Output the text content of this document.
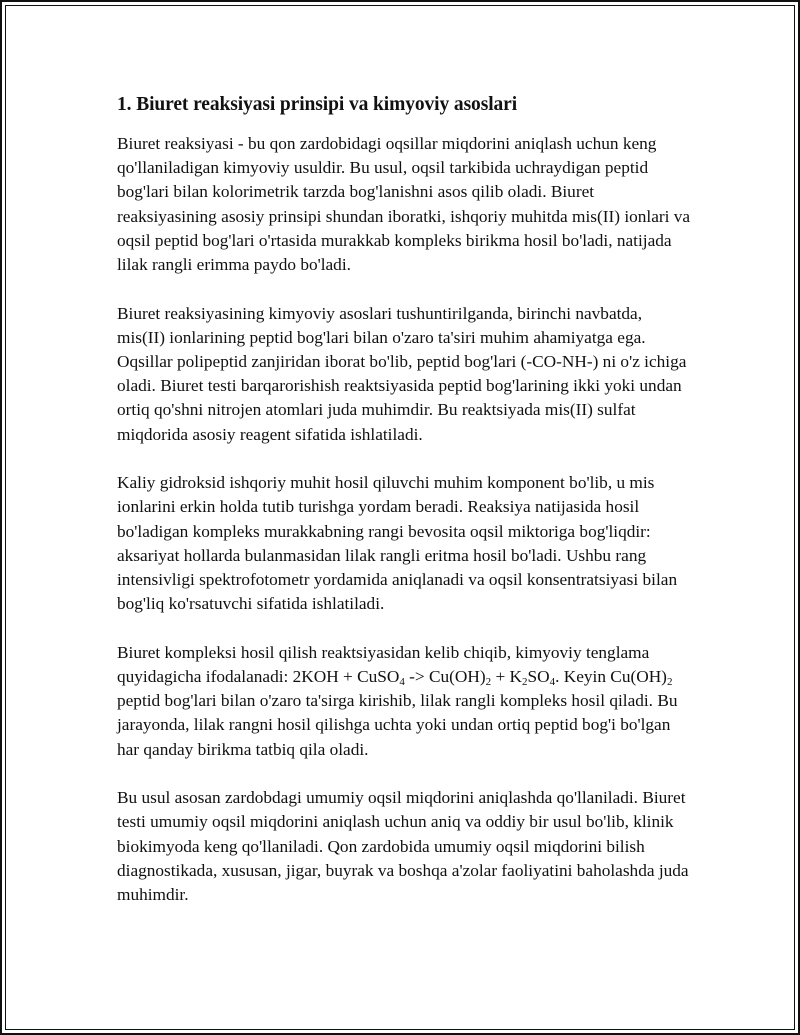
1. Biuret reaksiyasi prinsipi va kimyoviy asoslari

Biuret reaksiyasi - bu qon zardobidagi oqsillar miqdorini aniqlash uchun keng qo'llaniladigan kimyoviy usuldir. Bu usul, oqsil tarkibida uchraydigan peptid bog'lari bilan kolorimetrik tarzda bog'lanishni asos qilib oladi. Biuret reaksiyasining asosiy prinsipi shundan iboratki, ishqoriy muhitda mis(II) ionlari va oqsil peptid bog'lari o'rtasida murakkab kompleks birikma hosil bo'ladi, natijada lilak rangli erimma paydo bo'ladi.

Biuret reaksiyasining kimyoviy asoslari tushuntirilganda, birinchi navbatda, mis(II) ionlarining peptid bog'lari bilan o'zaro ta'siri muhim ahamiyatga ega. Oqsillar polipeptid zanjiridan iborat bo'lib, peptid bog'lari (-CO-NH-) ni o'z ichiga oladi. Biuret testi barqarorishish reaktsiyasida peptid bog'larining ikki yoki undan ortiq qo'shni nitrojen atomlari juda muhimdir. Bu reaktsiyada mis(II) sulfat miqdorida asosiy reagent sifatida ishlatiladi.

Kaliy gidroksid ishqoriy muhit hosil qiluvchi muhim komponent bo'lib, u mis ionlarini erkin holda tutib turishga yordam beradi. Reaksiya natijasida hosil bo'ladigan kompleks murakkabning rangi bevosita oqsil miktoriga bog'liqdir: aksariyat hollarda bulanmasidan lilak rangli eritma hosil bo'ladi. Ushbu rang intensivligi spektrofotometr yordamida aniqlanadi va oqsil konsentratsiyasi bilan bog'liq ko'rsatuvchi sifatida ishlatiladi.

Biuret kompleksi hosil qilish reaktsiyasidan kelib chiqib, kimyoviy tenglama quyidagicha ifodalanadi: 2KOH + CuSO$_4$ -> $Cu(OH)_2 + K_2SO_4$. Keyin $Cu(OH)_2$ peptid bog'lari bilan o'zaro ta'sirga kirishib, lilak rangli kompleks hosil qiladi. Bu jarayonda, lilak rangni hosil qilishga uchta yoki undan ortiq peptid bog'i bo'lgan har qanday birikma tatbiq qila oladi.

Bu usul asosan zardobdagi umumiy oqsil miqdorini aniqlashda qo'llaniladi. Biuret testi umumiy oqsil miqdorini aniqlash uchun aniq va oddiy bir usul bo'lib, klinik biokimyoda keng qo'llaniladi. Qon zardobida umumiy oqsil miqdorini bilish diagnostikada, xususan, jigar, buyrak va boshqa a'zolar faoliyatini baholashda juda muhimdir.
